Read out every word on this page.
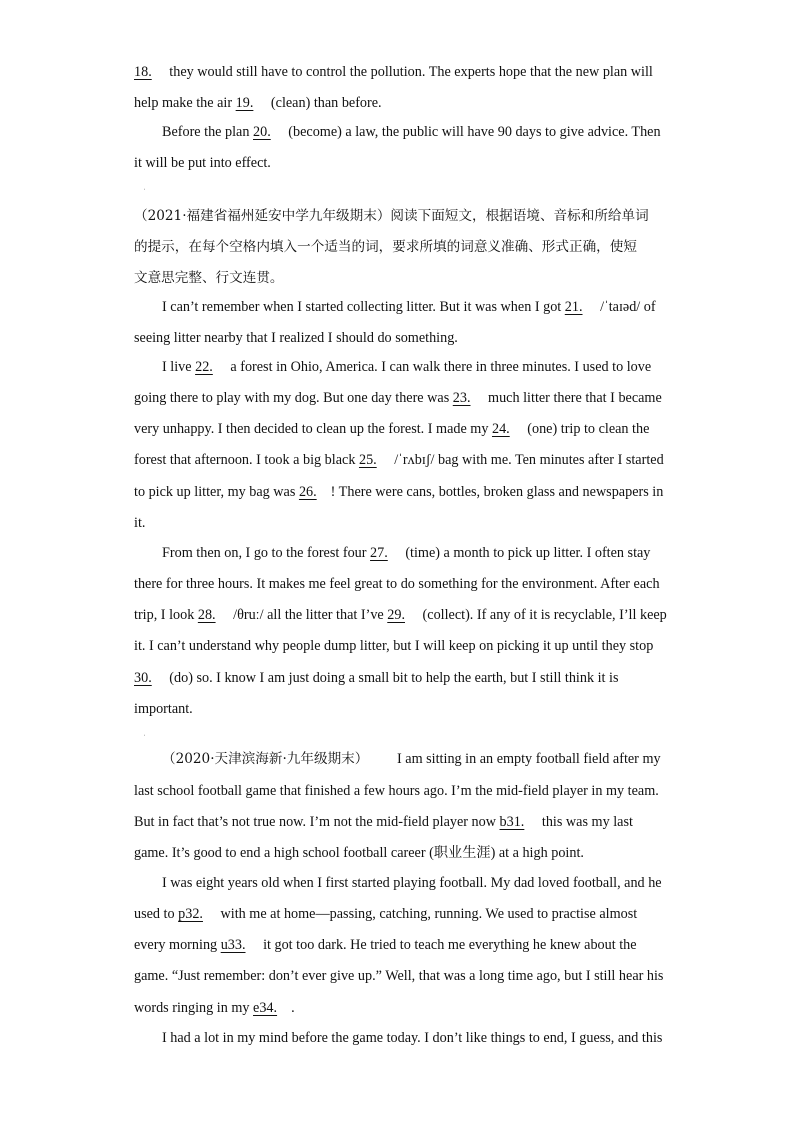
18. they would still have to control the pollution. The experts hope that the new plan will
help make the air 19. (clean) than before.
Before the plan 20. (become) a law, the public will have 90 days to give advice. Then
it will be put into effect.
ˌ
（2021·福建省福州延安中学九年级期末）阅读下面短文，根据语境、音标和所给单词
的提示，在每个空格内填入一个适当的词，要求所填的词意义准确、形式正确，使短
文意思完整、行文连贯。
I can’t remember when I started collecting litter. But it was when I got 21. /ˈtaɪəd/ of
seeing litter nearby that I realized I should do something.
I live 22. a forest in Ohio, America. I can walk there in three minutes. I used to love
going there to play with my dog. But one day there was 23. much litter there that I became
very unhappy. I then decided to clean up the forest. I made my 24. (one) trip to clean the
forest that afternoon. I took a big black 25. /ˈrʌbɪʃ/ bag with me. Ten minutes after I started
to pick up litter, my bag was 26. ! There were cans, bottles, broken glass and newspapers in
it.
From then on, I go to the forest four 27. (time) a month to pick up litter. I often stay
there for three hours. It makes me feel great to do something for the environment. After each
trip, I look 28. /θruː/ all the litter that I’ve 29. (collect). If any of it is recyclable, I’ll keep
it. I can’t understand why people dump litter, but I will keep on picking it up until they stop
30. (do) so. I know I am just doing a small bit to help the earth, but I still think it is
important.
ˌ
（2020·天津滨海新·九年级期末） I am sitting in an empty football field after my
last school football game that finished a few hours ago. I’m the mid-field player in my team.
But in fact that’s not true now. I’m not the mid-field player now b31. this was my last
game. It’s good to end a high school football career (职业生涯) at a high point.
I was eight years old when I first started playing football. My dad loved football, and he
used to p32. with me at home—passing, catching, running. We used to practise almost
every morning u33. it got too dark. He tried to teach me everything he knew about the
game. “Just remember: don’t ever give up.” Well, that was a long time ago, but I still hear his
words ringing in my e34. .
I had a lot in my mind before the game today. I don’t like things to end, I guess, and this
